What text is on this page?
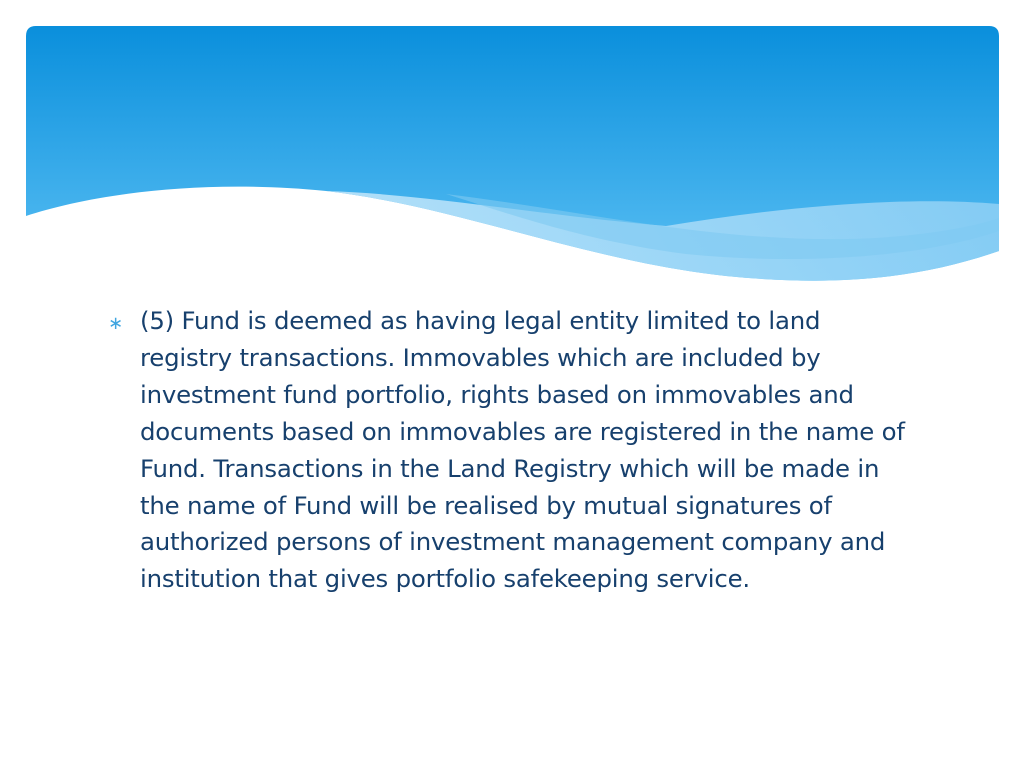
∗ (5) Fund is deemed as having legal entity limited to land registry transactions. Immovables which are included by investment fund portfolio, rights based on immovables and documents based on immovables are registered in the name of Fund. Transactions in the Land Registry which will be made in the name of Fund will be realised by mutual signatures of authorized persons of investment management company and institution that gives portfolio safekeeping service.
